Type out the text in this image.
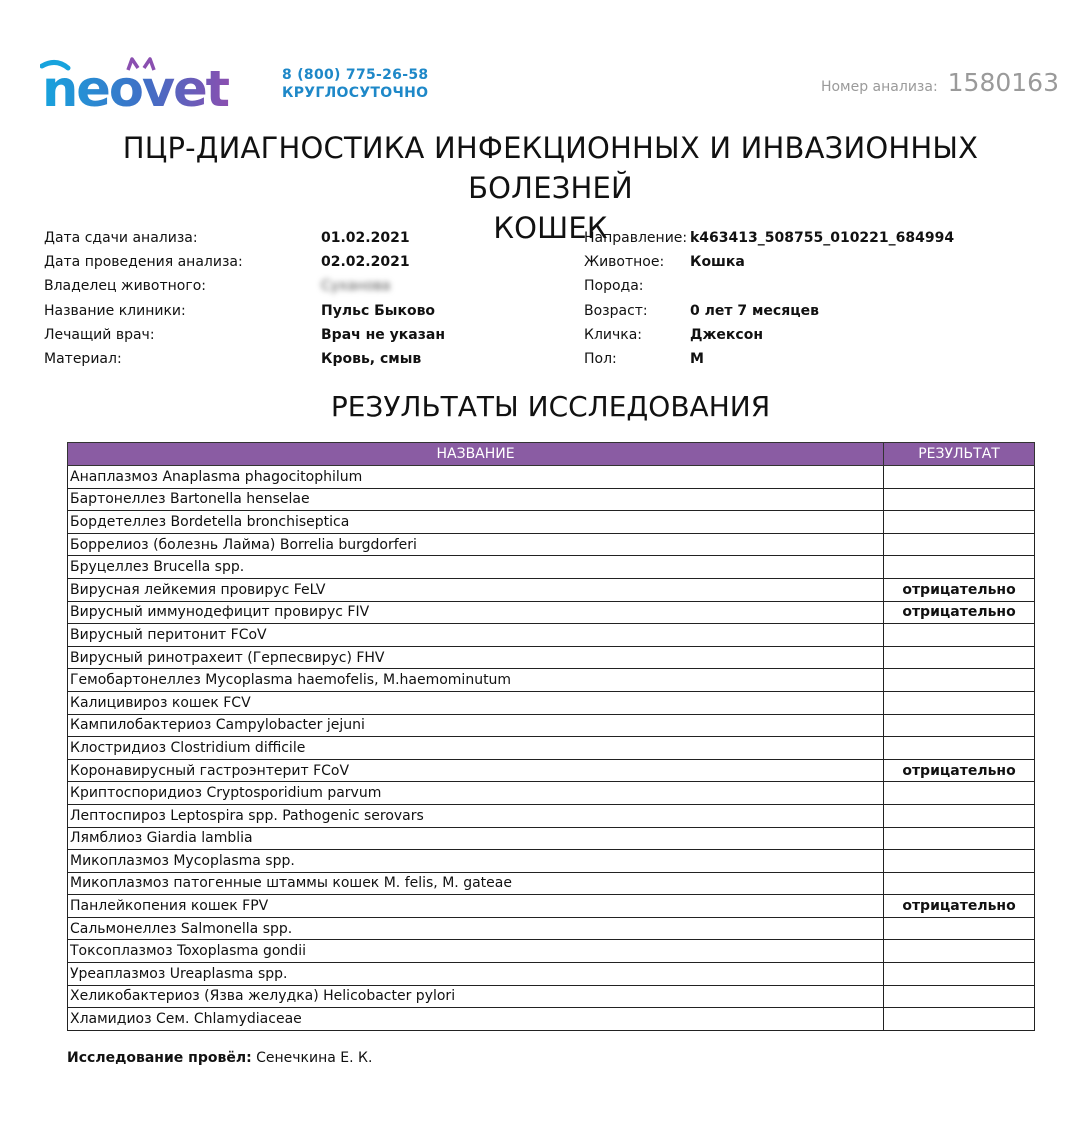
neovet	8 (800) 775-26-58
КРУГЛОСУТОЧНО	Номер анализа: 1580163
ПЦР-ДИАГНОСТИКА ИНФЕКЦИОННЫХ И ИНВАЗИОННЫХ БОЛЕЗНЕЙ
КОШЕК
Дата сдачи анализа:	01.02.2021
Дата проведения анализа:	02.02.2021
Владелец животного:	Суханова
Название клиники:	Пульс Быково
Лечащий врач:	Врач не указан
Материал:	Кровь, смыв
Направление: k463413_508755_010221_684994
Животное:	Кошка
Порода:
Возраст:	0 лет 7 месяцев
Кличка:	Джексон
Пол:	М
РЕЗУЛЬТАТЫ ИССЛЕДОВАНИЯ
НАЗВАНИЕ	РЕЗУЛЬТАТ
Анаплазмоз Anaplasma phagocitophilum	
Бартонеллез Bartonella henselae	
Бордетеллез Bordetella bronchiseptica	
Боррелиоз (болезнь Лайма) Borrelia burgdorferi	
Бруцеллез Brucella spp.	
Вирусная лейкемия провирус FeLV	отрицательно
Вирусный иммунодефицит провирус FIV	отрицательно
Вирусный перитонит FCoV	
Вирусный ринотрахеит (Герпесвирус) FHV	
Гемобартонеллез Mycoplasma haemofelis, M.haemominutum	
Калицивироз кошек FCV	
Кампилобактериоз Campylobacter jejuni	
Клостридиоз Clostridium difficile	
Коронавирусный гастроэнтерит FCoV	отрицательно
Криптоспоридиоз Cryptosporidium parvum	
Лептоспироз Leptospira spp. Pathogenic serovars	
Лямблиоз Giardia lamblia	
Микоплазмоз Mycoplasma spp.	
Микоплазмоз патогенные штаммы кошек M. felis, M. gateae	
Панлейкопения кошек FPV	отрицательно
Сальмонеллез Salmonella spp.	
Токсоплазмоз Toxoplasma gondii	
Уреаплазмоз Ureaplasma spp.	
Хеликобактериоз (Язва желудка) Helicobacter pylori	
Хламидиоз Сем. Chlamydiaceae	
Исследование провёл: Сенечкина Е. К.
